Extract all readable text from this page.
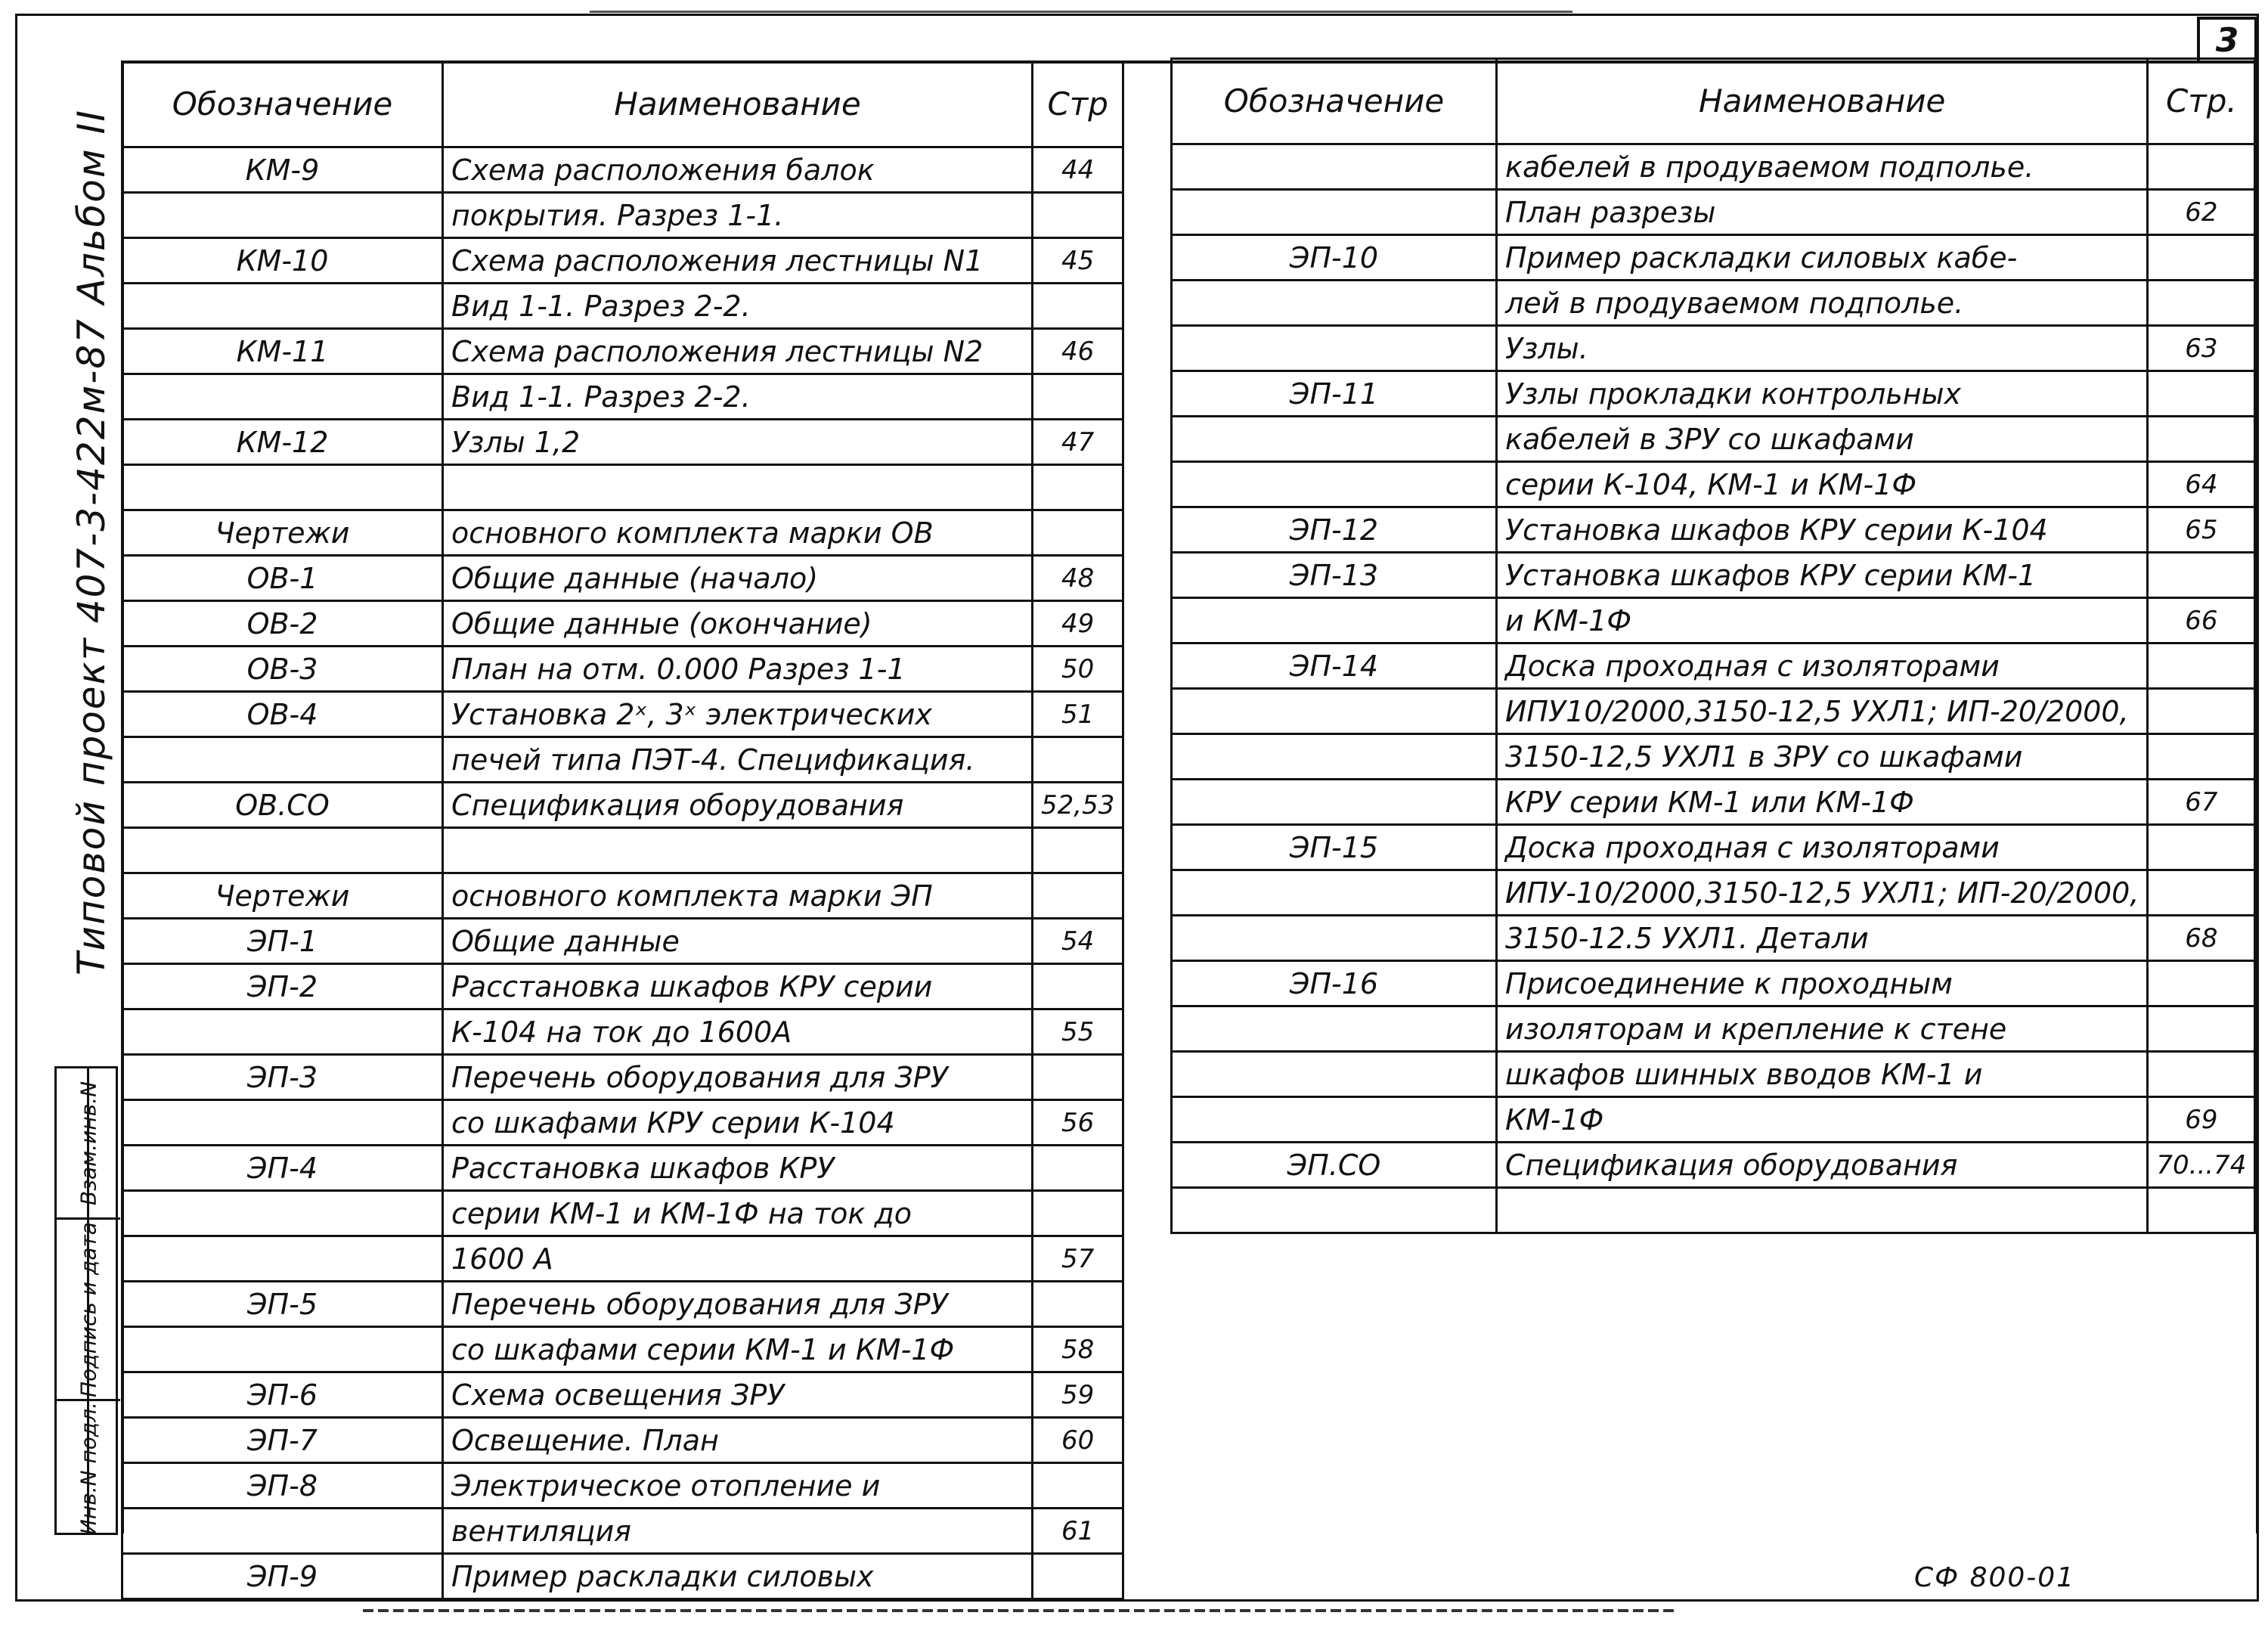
3
Типовой проект 407-3-422м-87 Альбом II
Взам.инв.N
Подпись и дата
Инв.N подл.
Обозначение	Наименование	Стр
КМ-9	Схема расположения балок	44
	покрытия. Разрез 1-1.	
КМ-10	Схема расположения лестницы N1	45
	Вид 1-1. Разрез 2-2.	
КМ-11	Схема расположения лестницы N2	46
	Вид 1-1. Разрез 2-2.	
КМ-12	Узлы 1,2	47

Чертежи	основного комплекта марки ОВ	
ОВ-1	Общие данные (начало)	48
ОВ-2	Общие данные (окончание)	49
ОВ-3	План на отм. 0.000 Разрез 1-1	50
ОВ-4	Установка 2ˣ, 3ˣ электрических	51
	печей типа ПЭТ-4. Спецификация.	
ОВ.СО	Спецификация оборудования	52,53

Чертежи	основного комплекта марки ЭП	
ЭП-1	Общие данные	54
ЭП-2	Расстановка шкафов КРУ серии	
	К-104 на ток до 1600А	55
ЭП-3	Перечень оборудования для ЗРУ	
	со шкафами КРУ серии К-104	56
ЭП-4	Расстановка шкафов КРУ	
	серии КМ-1 и КМ-1Ф на ток до	
	1600 А	57
ЭП-5	Перечень оборудования для ЗРУ	
	со шкафами серии КМ-1 и КМ-1Ф	58
ЭП-6	Схема освещения ЗРУ	59
ЭП-7	Освещение. План	60
ЭП-8	Электрическое отопление и	
	вентиляция	61
ЭП-9	Пример раскладки силовых	
Обозначение	Наименование	Стр.
	кабелей в продуваемом подполье.	
	План разрезы	62
ЭП-10	Пример раскладки силовых кабе-	
	лей в продуваемом подполье.	
	Узлы.	63
ЭП-11	Узлы прокладки контрольных	
	кабелей в ЗРУ со шкафами	
	серии К-104, КМ-1 и КМ-1Ф	64
ЭП-12	Установка шкафов КРУ серии К-104	65
ЭП-13	Установка шкафов КРУ серии КМ-1	
	и КМ-1Ф	66
ЭП-14	Доска проходная с изоляторами	
	ИПУ10/2000,3150-12,5 УХЛ1; ИП-20/2000,	
	3150-12,5 УХЛ1 в ЗРУ со шкафами	
	КРУ серии КМ-1 или КМ-1Ф	67
ЭП-15	Доска проходная с изоляторами	
	ИПУ-10/2000,3150-12,5 УХЛ1; ИП-20/2000,	
	3150-12.5 УХЛ1. Детали	68
ЭП-16	Присоединение к проходным	
	изоляторам и крепление к стене	
	шкафов шинных вводов КМ-1 и	
	КМ-1Ф	69
ЭП.СО	Спецификация оборудования	70...74

СФ 800-01
